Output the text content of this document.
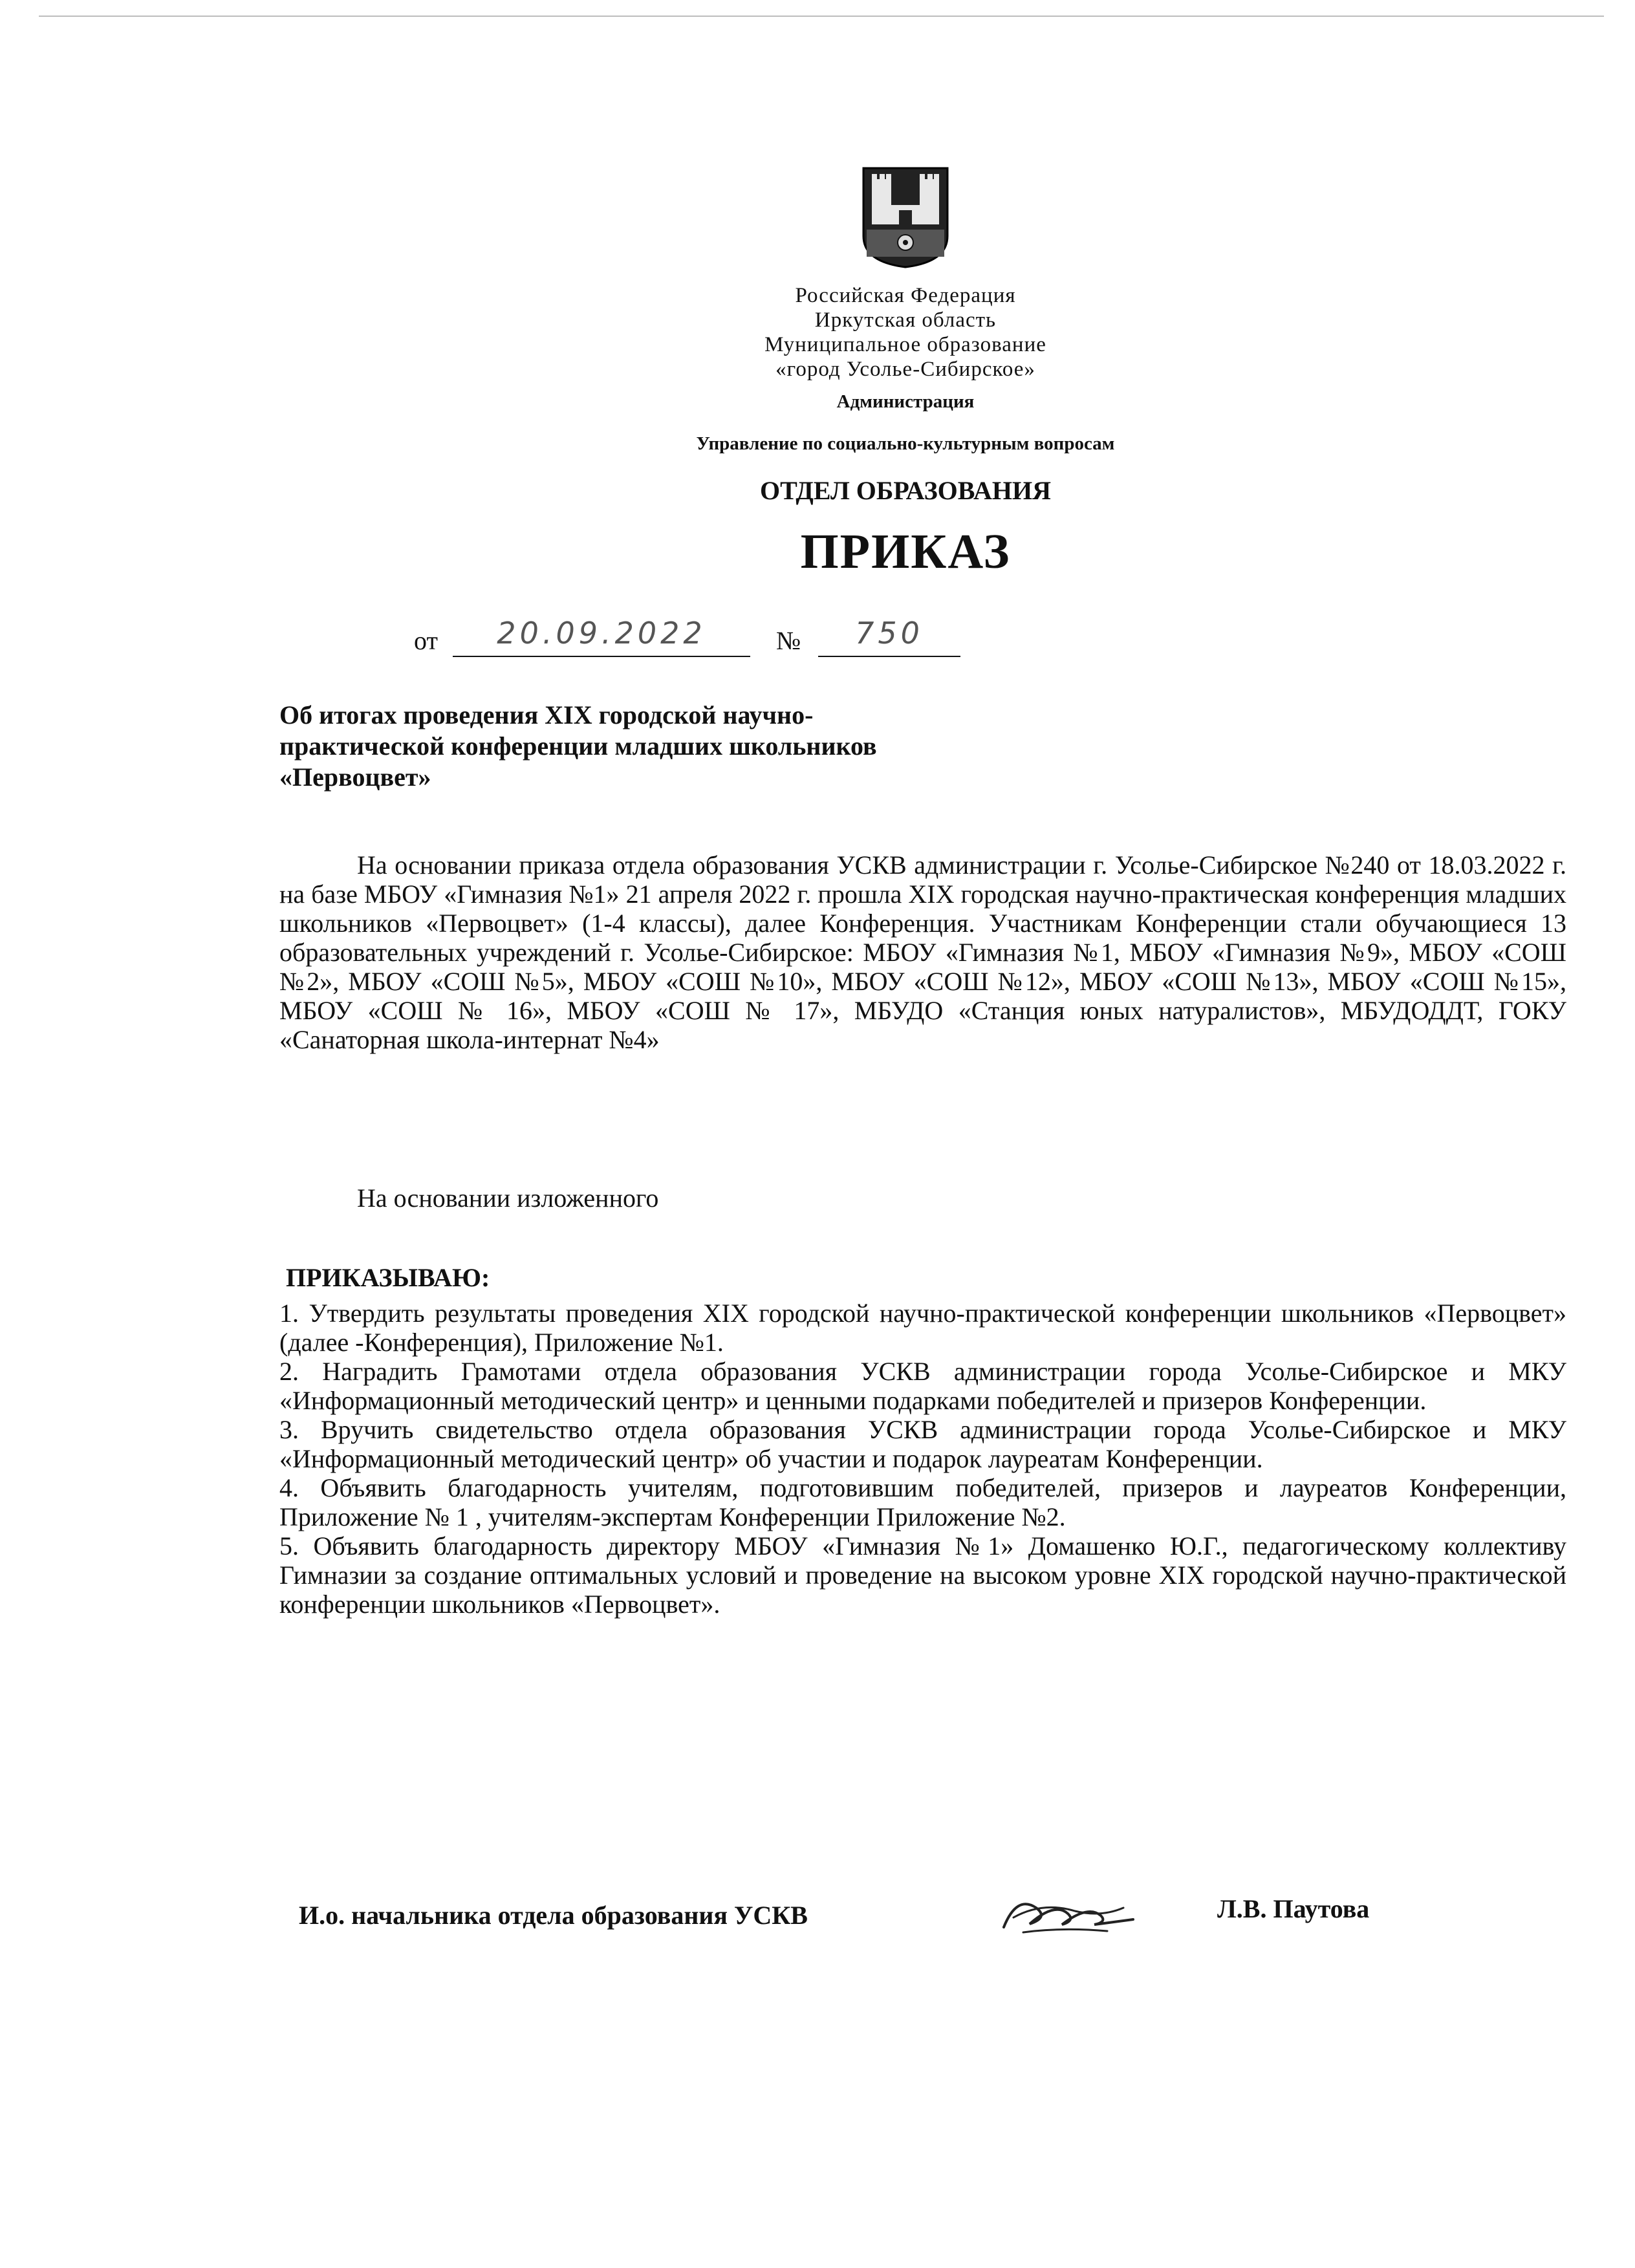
Российская Федерация
Иркутская область
Муниципальное образование
«город Усолье-Сибирское»
Администрация
Управление по социально-культурным вопросам
ОТДЕЛ ОБРАЗОВАНИЯ
ПРИКАЗ
от	20.09.2022	№	750
Об итогах проведения XIX городской научно-
практической конференции младших школьников
«Первоцвет»
На основании приказа отдела образования УСКВ администрации г. Усолье-Сибирское №240 от 18.03.2022 г. на базе МБОУ «Гимназия №1» 21 апреля 2022 г. прошла XIX городская научно-практическая конференция младших школьников «Первоцвет» (1-4 классы), далее Конференция. Участникам Конференции стали обучающиеся 13 образовательных учреждений г. Усолье-Сибирское: МБОУ «Гимназия №1, МБОУ «Гимназия №9», МБОУ «СОШ №2», МБОУ «СОШ №5», МБОУ «СОШ №10», МБОУ «СОШ №12», МБОУ «СОШ №13», МБОУ «СОШ №15», МБОУ «СОШ № 16», МБОУ «СОШ № 17», МБУДО «Станция юных натуралистов», МБУДОДДТ, ГОКУ «Санаторная школа-интернат №4»
На основании изложенного
ПРИКАЗЫВАЮ:
1. Утвердить результаты проведения XIX городской научно-практической конференции школьников «Первоцвет» (далее -Конференция), Приложение №1.
2. Наградить Грамотами отдела образования УСКВ администрации города Усолье-Сибирское и МКУ «Информационный методический центр» и ценными подарками победителей и призеров Конференции.
3. Вручить свидетельство отдела образования УСКВ администрации города Усолье-Сибирское и МКУ «Информационный методический центр» об участии и подарок лауреатам Конференции.
4. Объявить благодарность учителям, подготовившим победителей, призеров и лауреатов Конференции, Приложение № 1 , учителям-экспертам Конференции Приложение №2.
5. Объявить благодарность директору МБОУ «Гимназия №1» Домашенко Ю.Г., педагогическому коллективу Гимназии за создание оптимальных условий и проведение на высоком уровне XIX городской научно-практической конференции школьников «Первоцвет».
И.о. начальника отдела образования УСКВ	Л.В. Паутова
